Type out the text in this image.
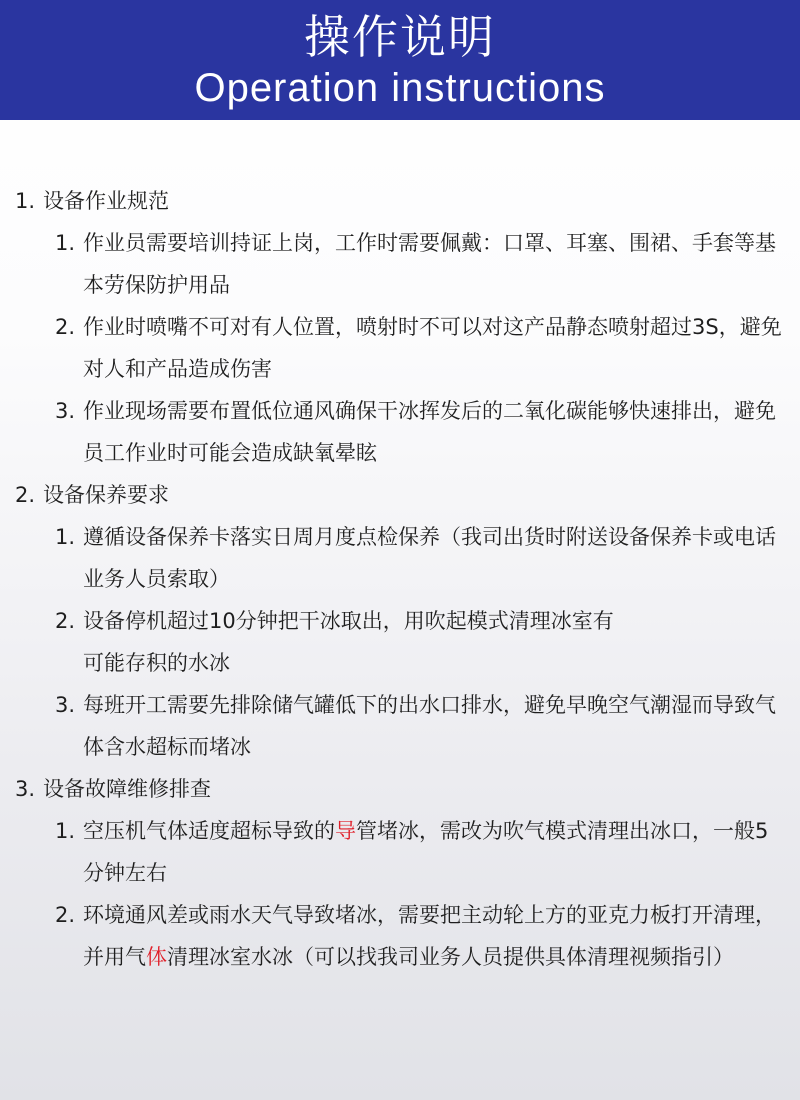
操作说明
Operation instructions
1. 设备作业规范
1. 作业员需要培训持证上岗，工作时需要佩戴：口罩、耳塞、围裙、手套等基本劳保防护用品
2. 作业时喷嘴不可对有人位置，喷射时不可以对这产品静态喷射超过3S，避免对人和产品造成伤害
3. 作业现场需要布置低位通风确保干冰挥发后的二氧化碳能够快速排出，避免员工作业时可能会造成缺氧晕眩
2. 设备保养要求
1. 遵循设备保养卡落实日周月度点检保养（我司出货时附送设备保养卡或电话业务人员索取）
2. 设备停机超过10分钟把干冰取出，用吹起模式清理冰室有
可能存积的水冰
3. 每班开工需要先排除储气罐低下的出水口排水，避免早晚空气潮湿而导致气体含水超标而堵冰
3. 设备故障维修排查
1. 空压机气体适度超标导致的导管堵冰，需改为吹气模式清理出冰口，一般5分钟左右
2. 环境通风差或雨水天气导致堵冰，需要把主动轮上方的亚克力板打开清理，并用气体清理冰室水冰（可以找我司业务人员提供具体清理视频指引）
